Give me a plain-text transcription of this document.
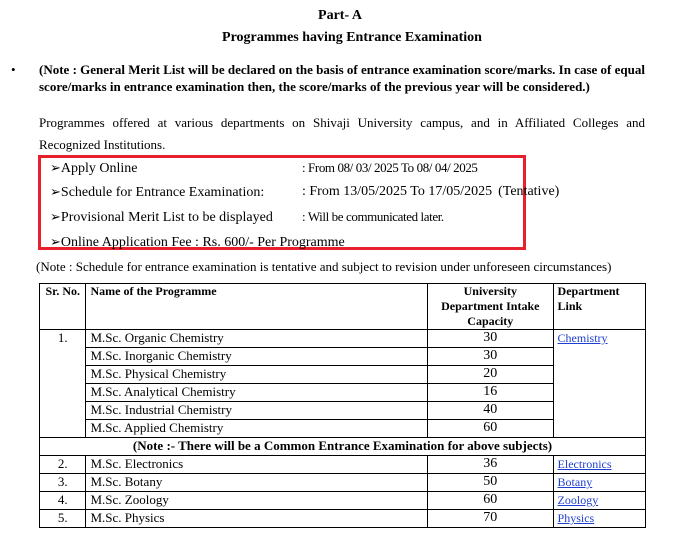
Part- A
Programmes having Entrance Examination
• (Note : General Merit List will be declared on the basis of entrance examination score/marks. In case of equal score/marks in entrance examination then, the score/marks of the previous year will be considered.)
Programmes offered at various departments on Shivaji University campus, and in Affiliated Colleges and Recognized Institutions.
➢Apply Online	: From 08/ 03/ 2025 To 08/ 04/ 2025
➢Schedule for Entrance Examination:	: From 13/05/2025 To 17/05/2025 (Tentative)
➢Provisional Merit List to be displayed : Will be communicated later.
➢Online Application Fee : Rs. 600/- Per Programme
(Note : Schedule for entrance examination is tentative and subject to revision under unforeseen circumstances)
Sr. No.	Name of the Programme	University Department Intake Capacity	Department Link
1.	M.Sc. Organic Chemistry	30	Chemistry
	M.Sc. Inorganic Chemistry	30	
	M.Sc. Physical Chemistry	20	
	M.Sc. Analytical Chemistry	16	
	M.Sc. Industrial Chemistry	40	
	M.Sc. Applied Chemistry	60	
(Note :- There will be a Common Entrance Examination for above subjects)			
2.	M.Sc. Electronics	36	Electronics
3.	M.Sc. Botany	50	Botany
4.	M.Sc. Zoology	60	Zoology
5.	M.Sc. Physics	70	Physics
